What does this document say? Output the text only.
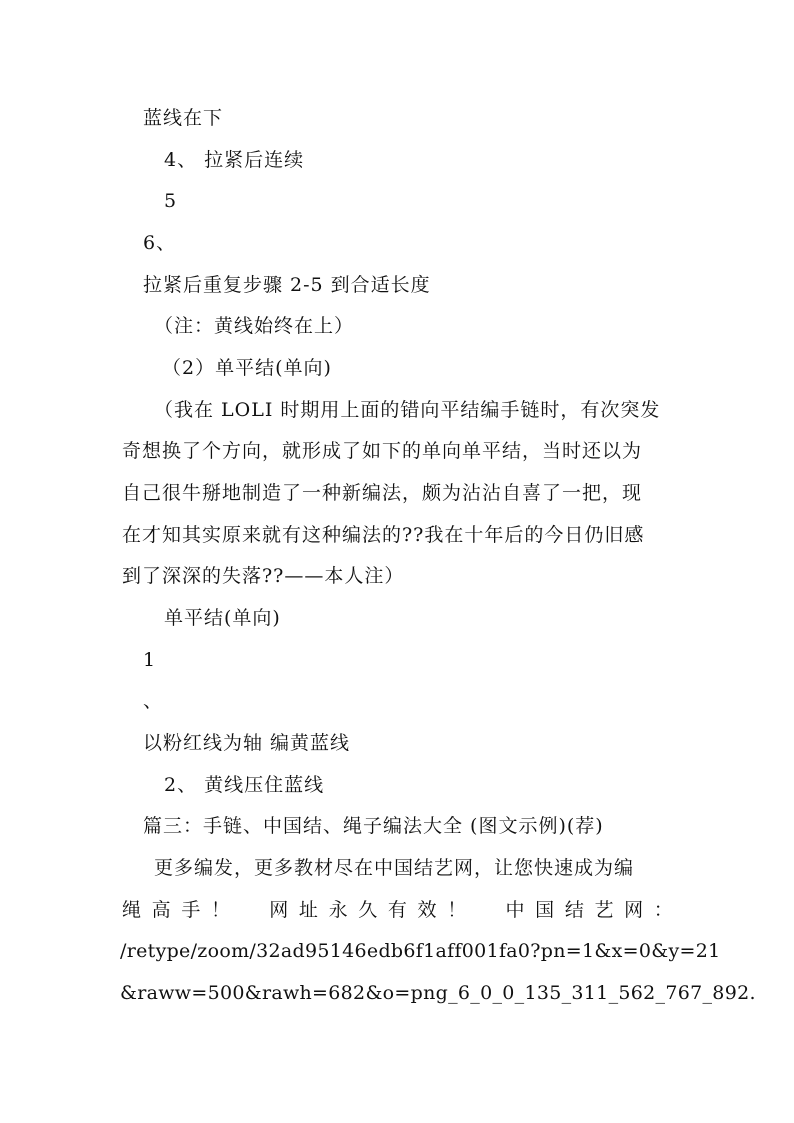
蓝线在下
4、 拉紧后连续
5
6、
拉紧后重复步骤 2-5 到合适长度
（注：黄线始终在上）
（2）单平结(单向)
（我在 LOLI 时期用上面的错向平结编手链时，有次突发
奇想换了个方向，就形成了如下的单向单平结，当时还以为
自己很牛掰地制造了一种新编法，颇为沾沾自喜了一把，现
在才知其实原来就有这种编法的??我在十年后的今日仍旧感
到了深深的失落??——本人注）
单平结(单向)
1
、
以粉红线为轴 编黄蓝线
2、 黄线压住蓝线
篇三：手链、中国结、绳子编法大全 (图文示例)(荐)
更多编发，更多教材尽在中国结艺网，让您快速成为编
绳 高 手 ！ 网 址 永 久 有 效 ！ 中 国 结 艺 网 ：
/retype/zoom/32ad95146edb6f1aff001fa0?pn=1&x=0&y=21
&raww=500&rawh=682&o=png_6_0_0_135_311_562_767_892.
